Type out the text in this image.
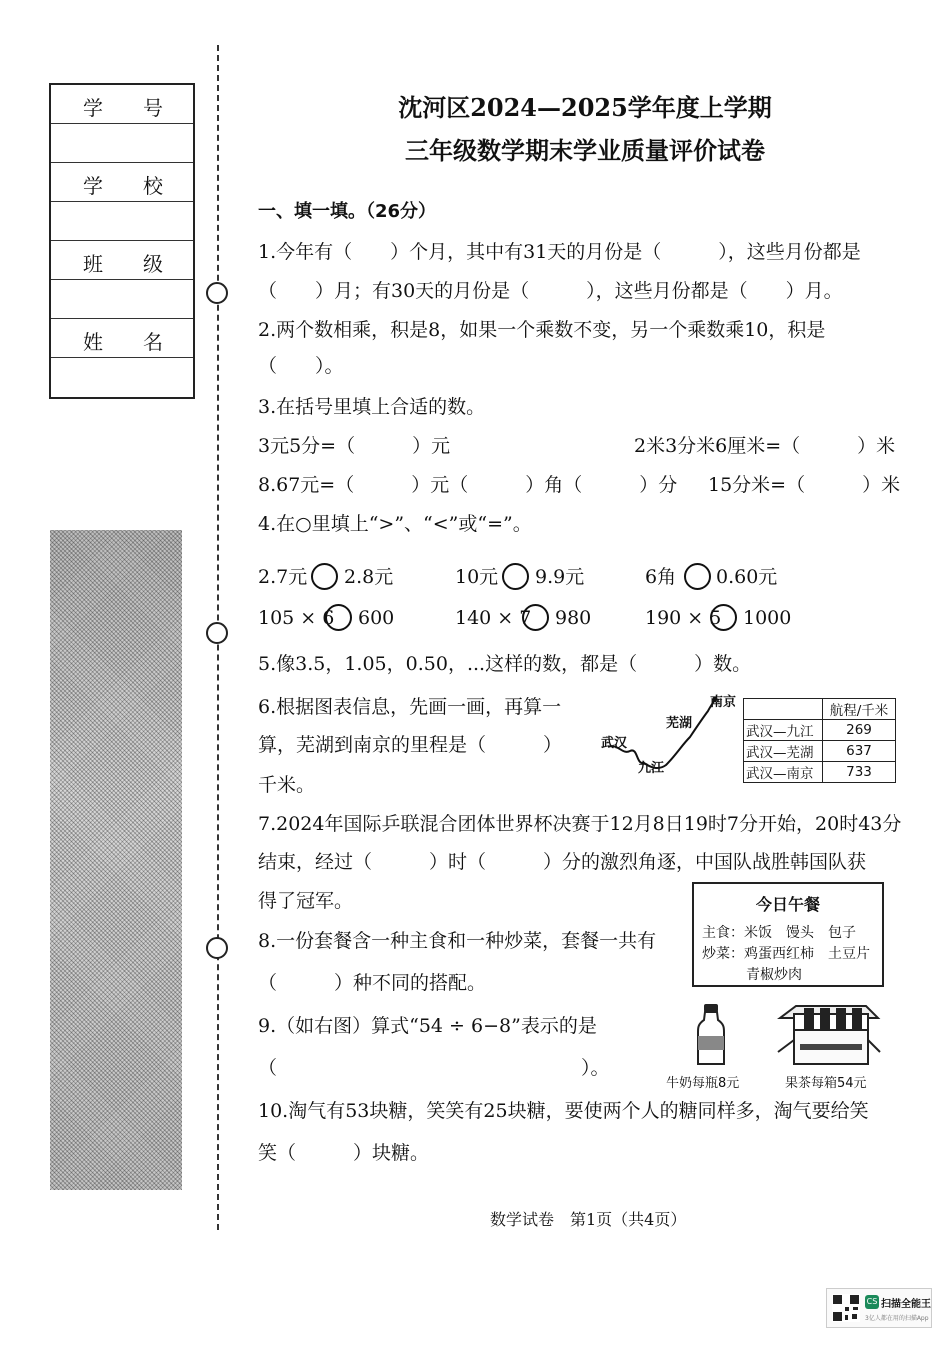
学　　号
学　　校
班　　级
姓　　名
沈河区2024—2025学年度上学期
三年级数学期末学业质量评价试卷
一、填一填。（26分）
1.今年有（　　）个月，其中有31天的月份是（　　　），这些月份都是
（　　）月；有30天的月份是（　　　），这些月份都是（　　）月。
2.两个数相乘，积是8，如果一个乘数不变，另一个乘数乘10，积是
（　　）。
3.在括号里填上合适的数。
3元5分=（　　　）元	2米3分米6厘米=（　　　）米
8.67元=（　　　）元（　　　）角（　　　）分 15分米=（　　　）米
4.在○里填上“>”、“<”或“=”。
2.7元 2.8元	10元 9.9元	6角 0.60元
105 × 6 600	140 × 7 980	190 × 5 1000
5.像3.5，1.05，0.50，...这样的数，都是（　　　）数。
6.根据图表信息，先画一画，再算一
算，芜湖到南京的里程是（　　　）
千米。
南京
芜湖
武汉
九江
	航程/千米
武汉—九江	269
武汉—芜湖	637
武汉—南京	733
7.2024年国际乒联混合团体世界杯决赛于12月8日19时7分开始，20时43分
结束，经过（　　　）时（　　　）分的激烈角逐，中国队战胜韩国队获
得了冠军。	今日午餐
主食：米饭　馒头　包子
炒菜：鸡蛋西红柿　土豆片
青椒炒肉
8.一份套餐含一种主食和一种炒菜，套餐一共有
（　　　）种不同的搭配。
9.（如右图）算式“54 ÷ 6−8”表示的是
（　　　　　　　　　　　　　　　　）。
牛奶每瓶8元	果茶每箱54元
10.淘气有53块糖，笑笑有25块糖，要使两个人的糖同样多，淘气要给笑
笑（　　　）块糖。
数学试卷　第1页（共4页）
CS 扫描全能王
3亿人都在用的扫描App
